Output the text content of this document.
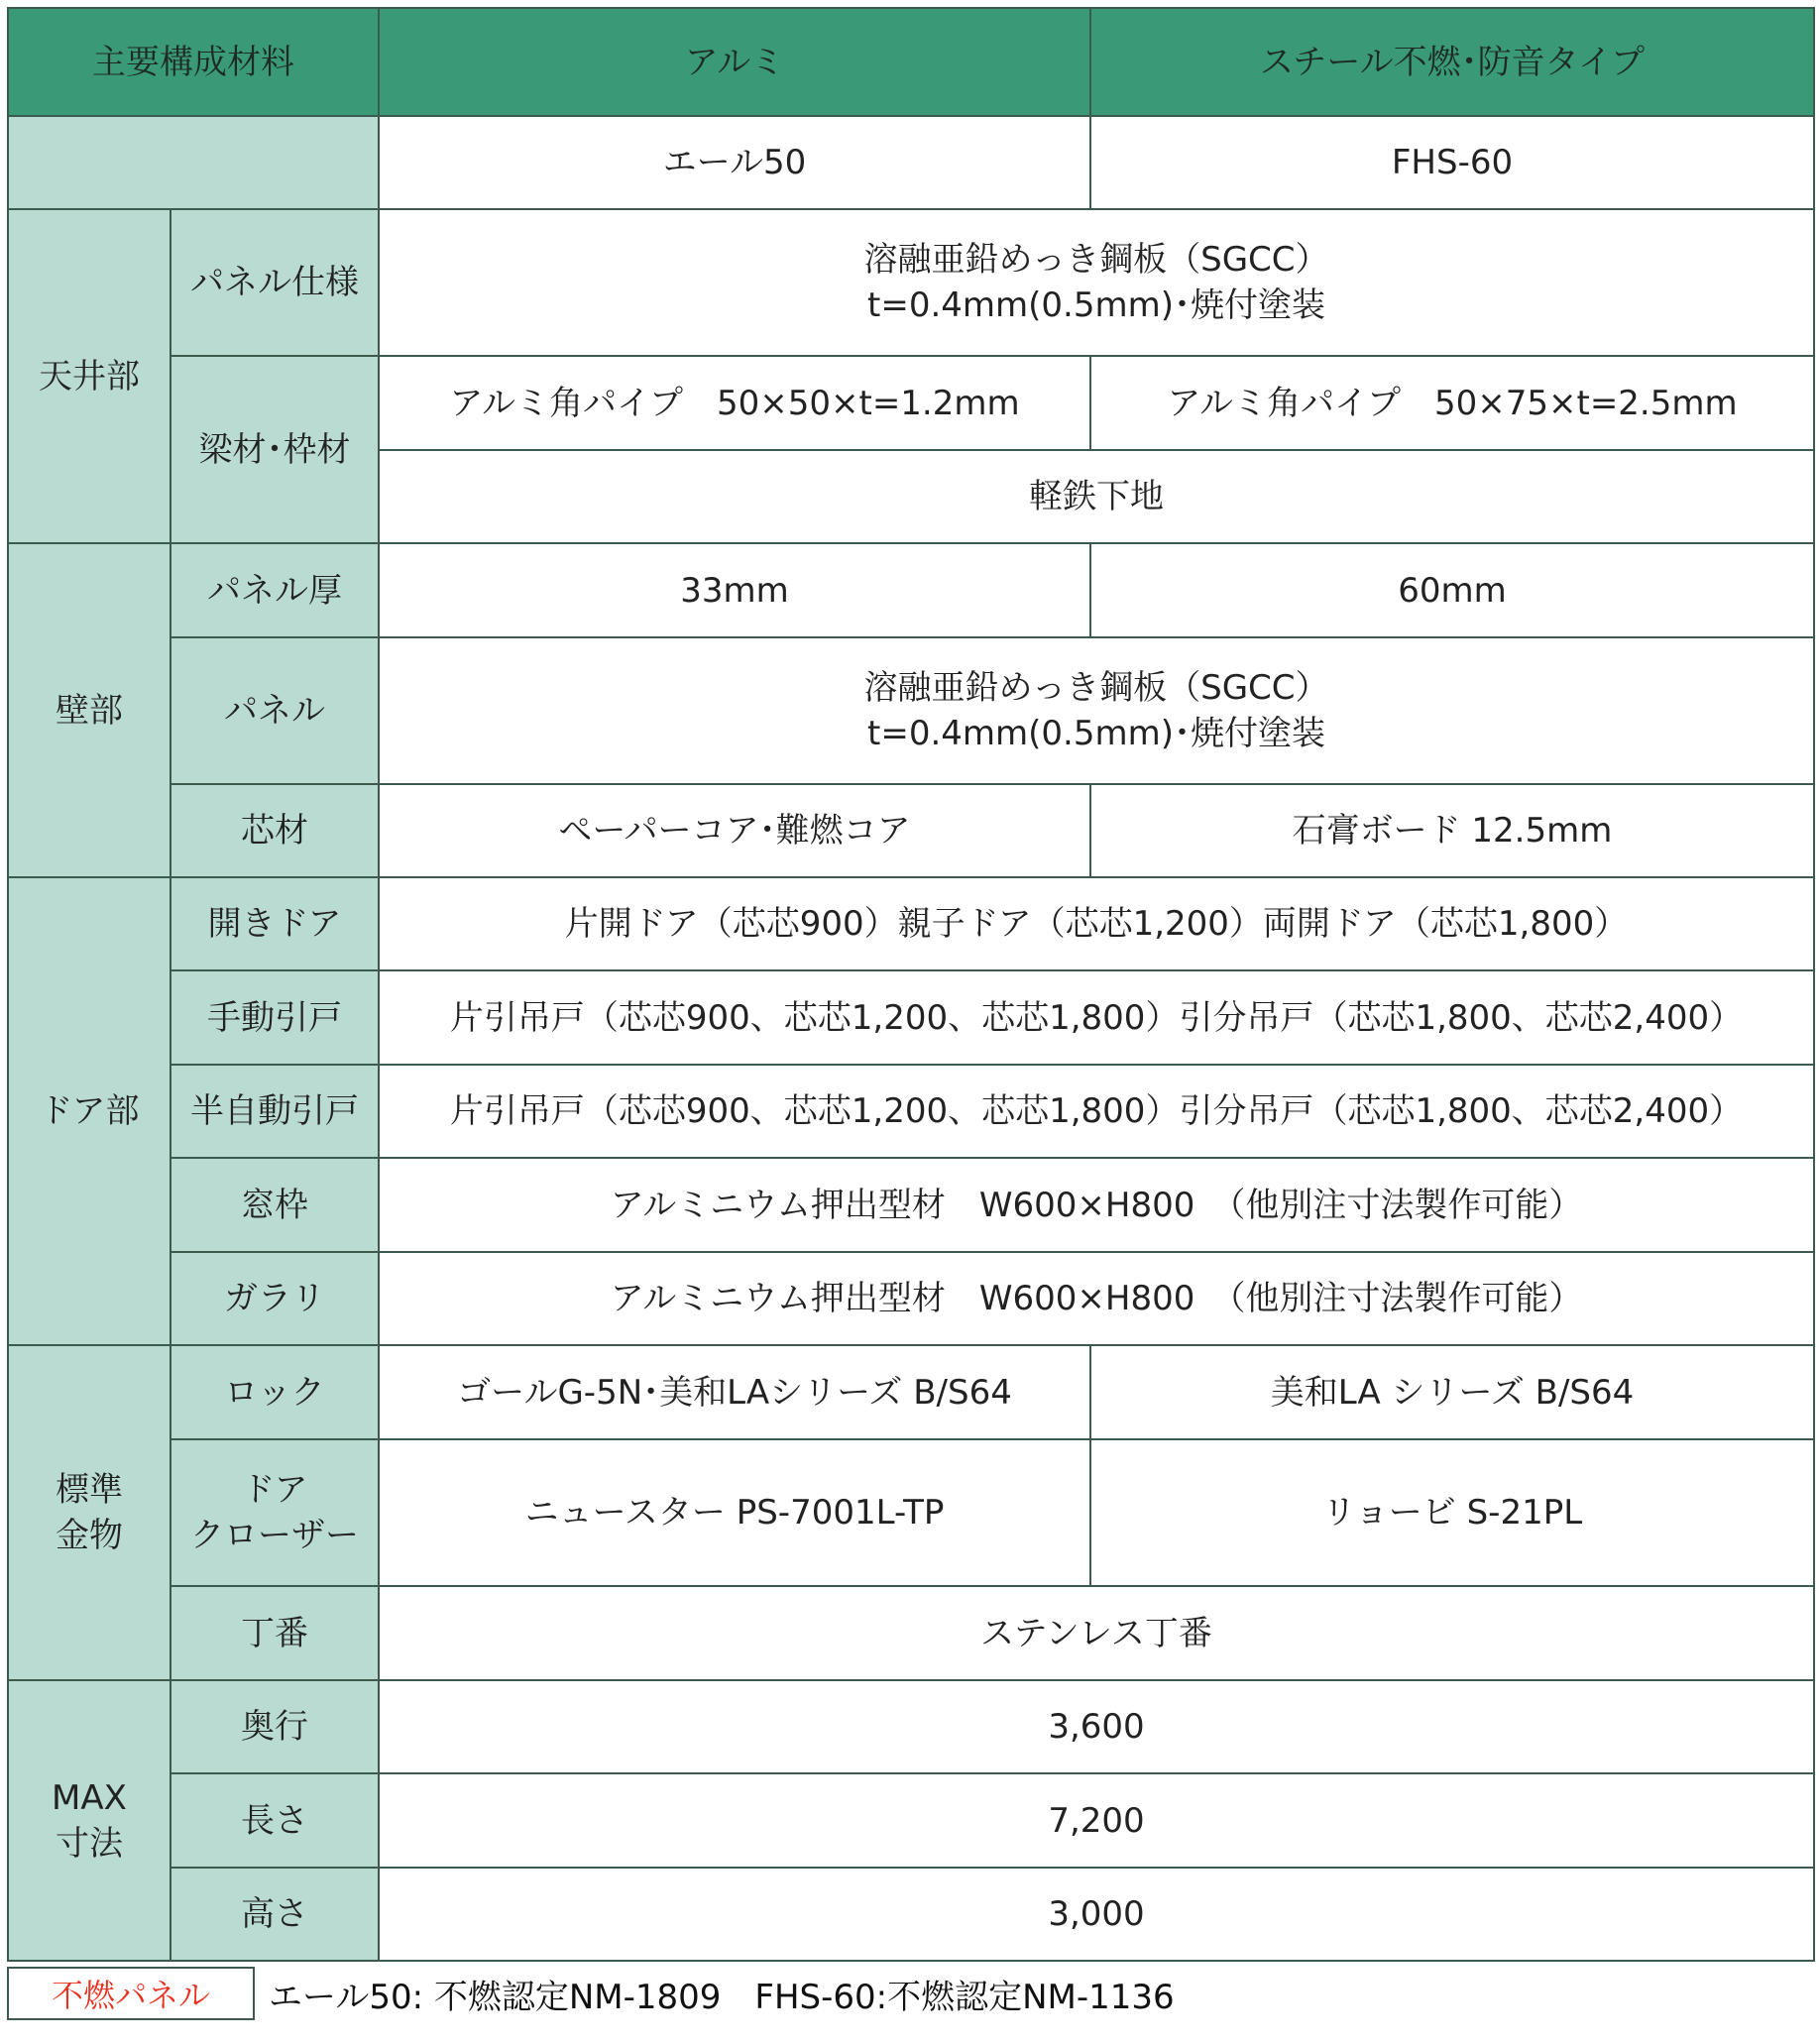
主要構成材料		アルミ	スチール不燃･防音タイプ
		エール50	FHS-60
天井部	パネル仕様	溶融亜鉛めっき鋼板（SGCC）
t=0.4mm(0.5mm)･焼付塗装	

	梁材･枠材	アルミ角パイプ　50×50×t=1.2mm	アルミ角パイプ　50×75×t=2.5mm
		軽鉄下地	
壁部	パネル厚	33mm	60mm
	パネル	溶融亜鉛めっき鋼板（SGCC）
t=0.4mm(0.5mm)･焼付塗装	

	芯材	ペーパーコア･難燃コア	石膏ボード 12.5mm
ドア部	開きドア	片開ドア（芯芯900）親子ドア（芯芯1,200）両開ドア（芯芯1,800）	
	手動引戸	片引吊戸（芯芯900、芯芯1,200、芯芯1,800）引分吊戸（芯芯1,800、芯芯2,400）	
	半自動引戸	片引吊戸（芯芯900、芯芯1,200、芯芯1,800）引分吊戸（芯芯1,800、芯芯2,400）	
	窓枠	アルミニウム押出型材　W600×H800　（他別注寸法製作可能）	
	ガラリ	アルミニウム押出型材　W600×H800　（他別注寸法製作可能）	

標準
金物	ロック	ゴールG-5N･美和LAシリーズ B/S64	美和LA シリーズ B/S64

	ドア
クローザー	ニュースター PS-7001L-TP	リョービ S-21PL
	丁番	ステンレス丁番	

MAX
寸法	奥行	3,600	
	長さ	7,200	
	高さ	3,000	
不燃パネル	エール50: 不燃認定NM-1809　FHS-60:不燃認定NM-1136
